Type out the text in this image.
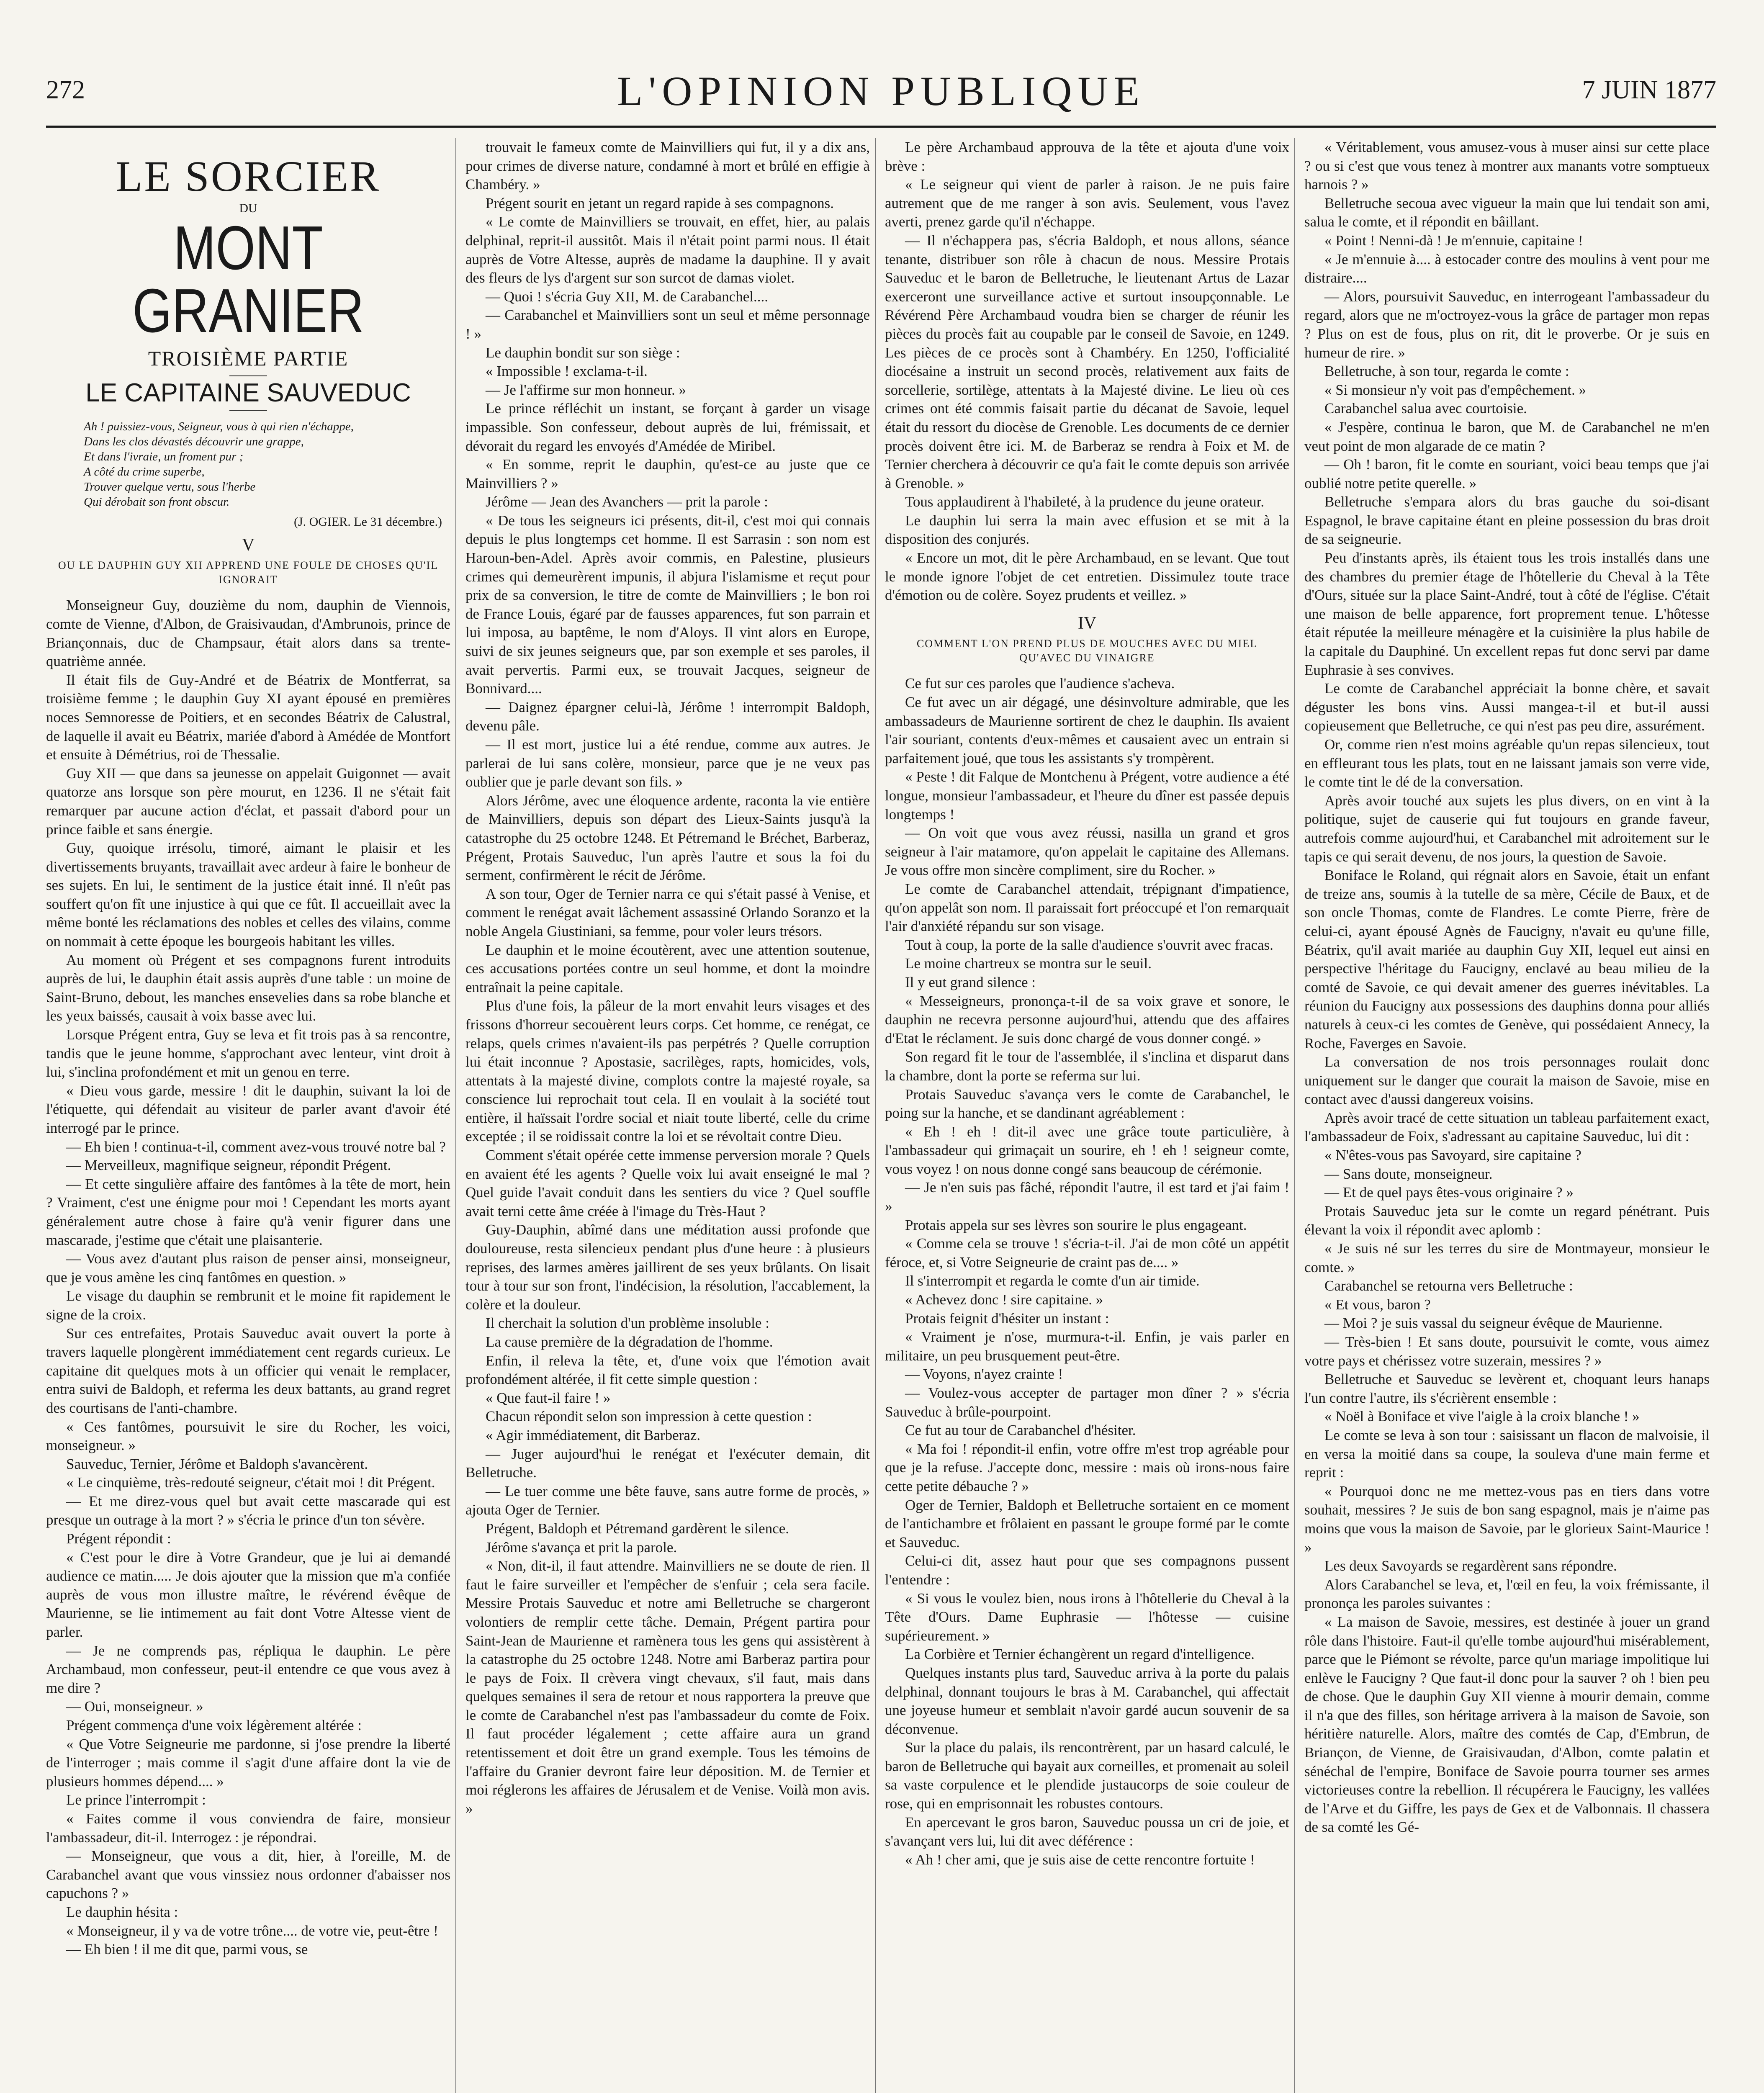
272	L'OPINION PUBLIQUE	7 JUIN 1877
LE SORCIER
DU
MONT GRANIER
TROISIÈME PARTIE
LE CAPITAINE SAUVEDUC
Ah ! puissiez-vous, Seigneur, vous à qui rien n'échappe,
Dans les clos dévastés découvrir une grappe,
Et dans l'ivraie, un froment pur ;
A côté du crime superbe,
Trouver quelque vertu, sous l'herbe
Qui dérobait son front obscur.
(J. OGIER. Le 31 décembre.)
V
OU LE DAUPHIN GUY XII APPREND UNE FOULE DE CHOSES QU'IL IGNORAIT

Monseigneur Guy, douzième du nom, dauphin de Viennois, comte de Vienne, d'Albon, de Graisivaudan, d'Ambrunois, prince de Briançonnais, duc de Champsaur, était alors dans sa trente-quatrième année.

Il était fils de Guy-André et de Béatrix de Montferrat, sa troisième femme ; le dauphin Guy XI ayant épousé en premières noces Semnoresse de Poitiers, et en secondes Béatrix de Calustral, de laquelle il avait eu Béatrix, mariée d'abord à Amédée de Montfort et ensuite à Démétrius, roi de Thessalie.

Guy XII — que dans sa jeunesse on appelait Guigonnet — avait quatorze ans lorsque son père mourut, en 1236. Il ne s'était fait remarquer par aucune action d'éclat, et passait d'abord pour un prince faible et sans énergie.

Guy, quoique irrésolu, timoré, aimant le plaisir et les divertissements bruyants, travaillait avec ardeur à faire le bonheur de ses sujets. En lui, le sentiment de la justice était inné. Il n'eût pas souffert qu'on fît une injustice à qui que ce fût. Il accueillait avec la même bonté les réclamations des nobles et celles des vilains, comme on nommait à cette époque les bourgeois habitant les villes.

Au moment où Prégent et ses compagnons furent introduits auprès de lui, le dauphin était assis auprès d'une table : un moine de Saint-Bruno, debout, les manches ensevelies dans sa robe blanche et les yeux baissés, causait à voix basse avec lui.

Lorsque Prégent entra, Guy se leva et fit trois pas à sa rencontre, tandis que le jeune homme, s'approchant avec lenteur, vint droit à lui, s'inclina profondément et mit un genou en terre.

« Dieu vous garde, messire ! dit le dauphin, suivant la loi de l'étiquette, qui défendait au visiteur de parler avant d'avoir été interrogé par le prince.

— Eh bien ! continua-t-il, comment avez-vous trouvé notre bal ?

— Merveilleux, magnifique seigneur, répondit Prégent.

— Et cette singulière affaire des fantômes à la tête de mort, hein ? Vraiment, c'est une énigme pour moi ! Cependant les morts ayant généralement autre chose à faire qu'à venir figurer dans une mascarade, j'estime que c'était une plaisanterie.

— Vous avez d'autant plus raison de penser ainsi, monseigneur, que je vous amène les cinq fantômes en question. »

Le visage du dauphin se rembrunit et le moine fit rapidement le signe de la croix.

Sur ces entrefaites, Protais Sauveduc avait ouvert la porte à travers laquelle plongèrent immédiatement cent regards curieux. Le capitaine dit quelques mots à un officier qui venait le remplacer, entra suivi de Baldoph, et referma les deux battants, au grand regret des courtisans de l'anti-chambre.

« Ces fantômes, poursuivit le sire du Rocher, les voici, monseigneur. »

Sauveduc, Ternier, Jérôme et Baldoph s'avancèrent.

« Le cinquième, très-redouté seigneur, c'était moi ! dit Prégent.

— Et me direz-vous quel but avait cette mascarade qui est presque un outrage à la mort ? » s'écria le prince d'un ton sévère.

Prégent répondit :

« C'est pour le dire à Votre Grandeur, que je lui ai demandé audience ce matin..... Je dois ajouter que la mission que m'a confiée auprès de vous mon illustre maître, le révérend évêque de Maurienne, se lie intimement au fait dont Votre Altesse vient de parler.

— Je ne comprends pas, répliqua le dauphin. Le père Archambaud, mon confesseur, peut-il entendre ce que vous avez à me dire ?

— Oui, monseigneur. »

Prégent commença d'une voix légèrement altérée :

« Que Votre Seigneurie me pardonne, si j'ose prendre la liberté de l'interroger ; mais comme il s'agit d'une affaire dont la vie de plusieurs hommes dépend.... »

Le prince l'interrompit :

« Faites comme il vous conviendra de faire, monsieur l'ambassadeur, dit-il. Interrogez : je répondrai.

— Monseigneur, que vous a dit, hier, à l'oreille, M. de Carabanchel avant que vous vinssiez nous ordonner d'abaisser nos capuchons ? »

Le dauphin hésita :

« Monseigneur, il y va de votre trône.... de votre vie, peut-être !

— Eh bien ! il me dit que, parmi vous, se

trouvait le fameux comte de Mainvilliers qui fut, il y a dix ans, pour crimes de diverse nature, condamné à mort et brûlé en effigie à Chambéry. »

Prégent sourit en jetant un regard rapide à ses compagnons.

« Le comte de Mainvilliers se trouvait, en effet, hier, au palais delphinal, reprit-il aussitôt. Mais il n'était point parmi nous. Il était auprès de Votre Altesse, auprès de madame la dauphine. Il y avait des fleurs de lys d'argent sur son surcot de damas violet.

— Quoi ! s'écria Guy XII, M. de Carabanchel....

— Carabanchel et Mainvilliers sont un seul et même personnage ! »

Le dauphin bondit sur son siège :

« Impossible ! exclama-t-il.

— Je l'affirme sur mon honneur. »

Le prince réfléchit un instant, se forçant à garder un visage impassible. Son confesseur, debout auprès de lui, frémissait, et dévorait du regard les envoyés d'Amédée de Miribel.

« En somme, reprit le dauphin, qu'est-ce au juste que ce Mainvilliers ? »

Jérôme — Jean des Avanchers — prit la parole :

« De tous les seigneurs ici présents, dit-il, c'est moi qui connais depuis le plus longtemps cet homme. Il est Sarrasin : son nom est Haroun-ben-Adel. Après avoir commis, en Palestine, plusieurs crimes qui demeurèrent impunis, il abjura l'islamisme et reçut pour prix de sa conversion, le titre de comte de Mainvilliers ; le bon roi de France Louis, égaré par de fausses apparences, fut son parrain et lui imposa, au baptême, le nom d'Aloys. Il vint alors en Europe, suivi de six jeunes seigneurs que, par son exemple et ses paroles, il avait pervertis. Parmi eux, se trouvait Jacques, seigneur de Bonnivard....

— Daignez épargner celui-là, Jérôme ! interrompit Baldoph, devenu pâle.

— Il est mort, justice lui a été rendue, comme aux autres. Je parlerai de lui sans colère, monsieur, parce que je ne veux pas oublier que je parle devant son fils. »

Alors Jérôme, avec une éloquence ardente, raconta la vie entière de Mainvilliers, depuis son départ des Lieux-Saints jusqu'à la catastrophe du 25 octobre 1248. Et Pétremand le Bréchet, Barberaz, Prégent, Protais Sauveduc, l'un après l'autre et sous la foi du serment, confirmèrent le récit de Jérôme.

A son tour, Oger de Ternier narra ce qui s'était passé à Venise, et comment le renégat avait lâchement assassiné Orlando Soranzo et la noble Angela Giustiniani, sa femme, pour voler leurs trésors.

Le dauphin et le moine écoutèrent, avec une attention soutenue, ces accusations portées contre un seul homme, et dont la moindre entraînait la peine capitale.

Plus d'une fois, la pâleur de la mort envahit leurs visages et des frissons d'horreur secouèrent leurs corps. Cet homme, ce renégat, ce relaps, quels crimes n'avaient-ils pas perpétrés ? Quelle corruption lui était inconnue ? Apostasie, sacrilèges, rapts, homicides, vols, attentats à la majesté divine, complots contre la majesté royale, sa conscience lui reprochait tout cela. Il en voulait à la société tout entière, il haïssait l'ordre social et niait toute liberté, celle du crime exceptée ; il se roidissait contre la loi et se révoltait contre Dieu.

Comment s'était opérée cette immense perversion morale ? Quels en avaient été les agents ? Quelle voix lui avait enseigné le mal ? Quel guide l'avait conduit dans les sentiers du vice ? Quel souffle avait terni cette âme créée à l'image du Très-Haut ?

Guy-Dauphin, abîmé dans une méditation aussi profonde que douloureuse, resta silencieux pendant plus d'une heure : à plusieurs reprises, des larmes amères jaillirent de ses yeux brûlants. On lisait tour à tour sur son front, l'indécision, la résolution, l'accablement, la colère et la douleur.

Il cherchait la solution d'un problème insoluble :

La cause première de la dégradation de l'homme.

Enfin, il releva la tête, et, d'une voix que l'émotion avait profondément altérée, il fit cette simple question :

« Que faut-il faire ! »

Chacun répondit selon son impression à cette question :

« Agir immédiatement, dit Barberaz.

— Juger aujourd'hui le renégat et l'exécuter demain, dit Belletruche.

— Le tuer comme une bête fauve, sans autre forme de procès, » ajouta Oger de Ternier.

Prégent, Baldoph et Pétremand gardèrent le silence.

Jérôme s'avança et prit la parole.

« Non, dit-il, il faut attendre. Mainvilliers ne se doute de rien. Il faut le faire surveiller et l'empêcher de s'enfuir ; cela sera facile. Messire Protais Sauveduc et notre ami Belletruche se chargeront volontiers de remplir cette tâche. Demain, Prégent partira pour Saint-Jean de Maurienne et ramènera tous les gens qui assistèrent à la catastrophe du 25 octobre 1248. Notre ami Barberaz partira pour le pays de Foix. Il crèvera vingt chevaux, s'il faut, mais dans quelques semaines il sera de retour et nous rapportera la preuve que le comte de Carabanchel n'est pas l'ambassadeur du comte de Foix. Il faut procéder légalement ; cette affaire aura un grand retentissement et doit être un grand exemple. Tous les témoins de l'affaire du Granier devront faire leur déposition. M. de Ternier et moi réglerons les affaires de Jérusalem et de Venise. Voilà mon avis. »

Le père Archambaud approuva de la tête et ajouta d'une voix brève :

« Le seigneur qui vient de parler à raison. Je ne puis faire autrement que de me ranger à son avis. Seulement, vous l'avez averti, prenez garde qu'il n'échappe.

— Il n'échappera pas, s'écria Baldoph, et nous allons, séance tenante, distribuer son rôle à chacun de nous. Messire Protais Sauveduc et le baron de Belletruche, le lieutenant Artus de Lazar exerceront une surveillance active et surtout insoupçonnable. Le Révérend Père Archambaud voudra bien se charger de réunir les pièces du procès fait au coupable par le conseil de Savoie, en 1249. Les pièces de ce procès sont à Chambéry. En 1250, l'officialité diocésaine a instruit un second procès, relativement aux faits de sorcellerie, sortilège, attentats à la Majesté divine. Le lieu où ces crimes ont été commis faisait partie du décanat de Savoie, lequel était du ressort du diocèse de Grenoble. Les documents de ce dernier procès doivent être ici. M. de Barberaz se rendra à Foix et M. de Ternier cherchera à découvrir ce qu'a fait le comte depuis son arrivée à Grenoble. »

Tous applaudirent à l'habileté, à la prudence du jeune orateur.

Le dauphin lui serra la main avec effusion et se mit à la disposition des conjurés.

« Encore un mot, dit le père Archambaud, en se levant. Que tout le monde ignore l'objet de cet entretien. Dissimulez toute trace d'émotion ou de colère. Soyez prudents et veillez. »

IV
COMMENT L'ON PREND PLUS DE MOUCHES AVEC DU MIEL QU'AVEC DU VINAIGRE

Ce fut sur ces paroles que l'audience s'acheva.

Ce fut avec un air dégagé, une désinvolture admirable, que les ambassadeurs de Maurienne sortirent de chez le dauphin. Ils avaient l'air souriant, contents d'eux-mêmes et causaient avec un entrain si parfaitement joué, que tous les assistants s'y trompèrent.

« Peste ! dit Falque de Montchenu à Prégent, votre audience a été longue, monsieur l'ambassadeur, et l'heure du dîner est passée depuis longtemps !

— On voit que vous avez réussi, nasilla un grand et gros seigneur à l'air matamore, qu'on appelait le capitaine des Allemans. Je vous offre mon sincère compliment, sire du Rocher. »

Le comte de Carabanchel attendait, trépignant d'impatience, qu'on appelât son nom. Il paraissait fort préoccupé et l'on remarquait l'air d'anxiété répandu sur son visage.

Tout à coup, la porte de la salle d'audience s'ouvrit avec fracas.

Le moine chartreux se montra sur le seuil.

Il y eut grand silence :

« Messeigneurs, prononça-t-il de sa voix grave et sonore, le dauphin ne recevra personne aujourd'hui, attendu que des affaires d'Etat le réclament. Je suis donc chargé de vous donner congé. »

Son regard fit le tour de l'assemblée, il s'inclina et disparut dans la chambre, dont la porte se referma sur lui.

Protais Sauveduc s'avança vers le comte de Carabanchel, le poing sur la hanche, et se dandinant agréablement :

« Eh ! eh ! dit-il avec une grâce toute particulière, à l'ambassadeur qui grimaçait un sourire, eh ! eh ! seigneur comte, vous voyez ! on nous donne congé sans beaucoup de cérémonie.

— Je n'en suis pas fâché, répondit l'autre, il est tard et j'ai faim ! »

Protais appela sur ses lèvres son sourire le plus engageant.

« Comme cela se trouve ! s'écria-t-il. J'ai de mon côté un appétit féroce, et, si Votre Seigneurie de craint pas de.... »

Il s'interrompit et regarda le comte d'un air timide.

« Achevez donc ! sire capitaine. »

Protais feignit d'hésiter un instant :

« Vraiment je n'ose, murmura-t-il. Enfin, je vais parler en militaire, un peu brusquement peut-être.

— Voyons, n'ayez crainte !

— Voulez-vous accepter de partager mon dîner ? » s'écria Sauveduc à brûle-pourpoint.

Ce fut au tour de Carabanchel d'hésiter.

« Ma foi ! répondit-il enfin, votre offre m'est trop agréable pour que je la refuse. J'accepte donc, messire : mais où irons-nous faire cette petite débauche ? »

Oger de Ternier, Baldoph et Belletruche sortaient en ce moment de l'antichambre et frôlaient en passant le groupe formé par le comte et Sauveduc.

Celui-ci dit, assez haut pour que ses compagnons pussent l'entendre :

« Si vous le voulez bien, nous irons à l'hôtellerie du Cheval à la Tête d'Ours. Dame Euphrasie — l'hôtesse — cuisine supérieurement. »

La Corbière et Ternier échangèrent un regard d'intelligence.

Quelques instants plus tard, Sauveduc arriva à la porte du palais delphinal, donnant toujours le bras à M. Carabanchel, qui affectait une joyeuse humeur et semblait n'avoir gardé aucun souvenir de sa déconvenue.

Sur la place du palais, ils rencontrèrent, par un hasard calculé, le baron de Belletruche qui bayait aux corneilles, et promenait au soleil sa vaste corpulence et le plendide justaucorps de soie couleur de rose, qui en emprisonnait les robustes contours.

En apercevant le gros baron, Sauveduc poussa un cri de joie, et s'avançant vers lui, lui dit avec déférence :

« Ah ! cher ami, que je suis aise de cette rencontre fortuite !

« Véritablement, vous amusez-vous à muser ainsi sur cette place ? ou si c'est que vous tenez à montrer aux manants votre somptueux harnois ? »

Belletruche secoua avec vigueur la main que lui tendait son ami, salua le comte, et il répondit en bâillant.

« Point ! Nenni-dà ! Je m'ennuie, capitaine !

« Je m'ennuie à.... à estocader contre des moulins à vent pour me distraire....

— Alors, poursuivit Sauveduc, en interrogeant l'ambassadeur du regard, alors que ne m'octroyez-vous la grâce de partager mon repas ? Plus on est de fous, plus on rit, dit le proverbe. Or je suis en humeur de rire. »

Belletruche, à son tour, regarda le comte :

« Si monsieur n'y voit pas d'empêchement. »

Carabanchel salua avec courtoisie.

« J'espère, continua le baron, que M. de Carabanchel ne m'en veut point de mon algarade de ce matin ?

— Oh ! baron, fit le comte en souriant, voici beau temps que j'ai oublié notre petite querelle. »

Belletruche s'empara alors du bras gauche du soi-disant Espagnol, le brave capitaine étant en pleine possession du bras droit de sa seigneurie.

Peu d'instants après, ils étaient tous les trois installés dans une des chambres du premier étage de l'hôtellerie du Cheval à la Tête d'Ours, située sur la place Saint-André, tout à côté de l'église. C'était une maison de belle apparence, fort proprement tenue. L'hôtesse était réputée la meilleure ménagère et la cuisinière la plus habile de la capitale du Dauphiné. Un excellent repas fut donc servi par dame Euphrasie à ses convives.

Le comte de Carabanchel appréciait la bonne chère, et savait déguster les bons vins. Aussi mangea-t-il et but-il aussi copieusement que Belletruche, ce qui n'est pas peu dire, assurément.

Or, comme rien n'est moins agréable qu'un repas silencieux, tout en effleurant tous les plats, tout en ne laissant jamais son verre vide, le comte tint le dé de la conversation.

Après avoir touché aux sujets les plus divers, on en vint à la politique, sujet de causerie qui fut toujours en grande faveur, autrefois comme aujourd'hui, et Carabanchel mit adroitement sur le tapis ce qui serait devenu, de nos jours, la question de Savoie.

Boniface le Roland, qui régnait alors en Savoie, était un enfant de treize ans, soumis à la tutelle de sa mère, Cécile de Baux, et de son oncle Thomas, comte de Flandres. Le comte Pierre, frère de celui-ci, ayant épousé Agnès de Faucigny, n'avait eu qu'une fille, Béatrix, qu'il avait mariée au dauphin Guy XII, lequel eut ainsi en perspective l'héritage du Faucigny, enclavé au beau milieu de la comté de Savoie, ce qui devait amener des guerres inévitables. La réunion du Faucigny aux possessions des dauphins donna pour alliés naturels à ceux-ci les comtes de Genève, qui possédaient Annecy, la Roche, Faverges en Savoie.

La conversation de nos trois personnages roulait donc uniquement sur le danger que courait la maison de Savoie, mise en contact avec d'aussi dangereux voisins.

Après avoir tracé de cette situation un tableau parfaitement exact, l'ambassadeur de Foix, s'adressant au capitaine Sauveduc, lui dit :

« N'êtes-vous pas Savoyard, sire capitaine ?

— Sans doute, monseigneur.

— Et de quel pays êtes-vous originaire ? »

Protais Sauveduc jeta sur le comte un regard pénétrant. Puis élevant la voix il répondit avec aplomb :

« Je suis né sur les terres du sire de Montmayeur, monsieur le comte. »

Carabanchel se retourna vers Belletruche :

« Et vous, baron ?

— Moi ? je suis vassal du seigneur évêque de Maurienne.

— Très-bien ! Et sans doute, poursuivit le comte, vous aimez votre pays et chérissez votre suzerain, messires ? »

Belletruche et Sauveduc se levèrent et, choquant leurs hanaps l'un contre l'autre, ils s'écrièrent ensemble :

« Noël à Boniface et vive l'aigle à la croix blanche ! »

Le comte se leva à son tour : saisissant un flacon de malvoisie, il en versa la moitié dans sa coupe, la souleva d'une main ferme et reprit :

« Pourquoi donc ne me mettez-vous pas en tiers dans votre souhait, messires ? Je suis de bon sang espagnol, mais je n'aime pas moins que vous la maison de Savoie, par le glorieux Saint-Maurice ! »

Les deux Savoyards se regardèrent sans répondre.

Alors Carabanchel se leva, et, l'œil en feu, la voix frémissante, il prononça les paroles suivantes :

« La maison de Savoie, messires, est destinée à jouer un grand rôle dans l'histoire. Faut-il qu'elle tombe aujourd'hui misérablement, parce que le Piémont se révolte, parce qu'un mariage impolitique lui enlève le Faucigny ? Que faut-il donc pour la sauver ? oh ! bien peu de chose. Que le dauphin Guy XII vienne à mourir demain, comme il n'a que des filles, son héritage arrivera à la maison de Savoie, son héritière naturelle. Alors, maître des comtés de Cap, d'Embrun, de Briançon, de Vienne, de Graisivaudan, d'Albon, comte palatin et sénéchal de l'empire, Boniface de Savoie pourra tourner ses armes victorieuses contre la rebellion. Il récupérera le Faucigny, les vallées de l'Arve et du Giffre, les pays de Gex et de Valbonnais. Il chassera de sa comté les Gé-
